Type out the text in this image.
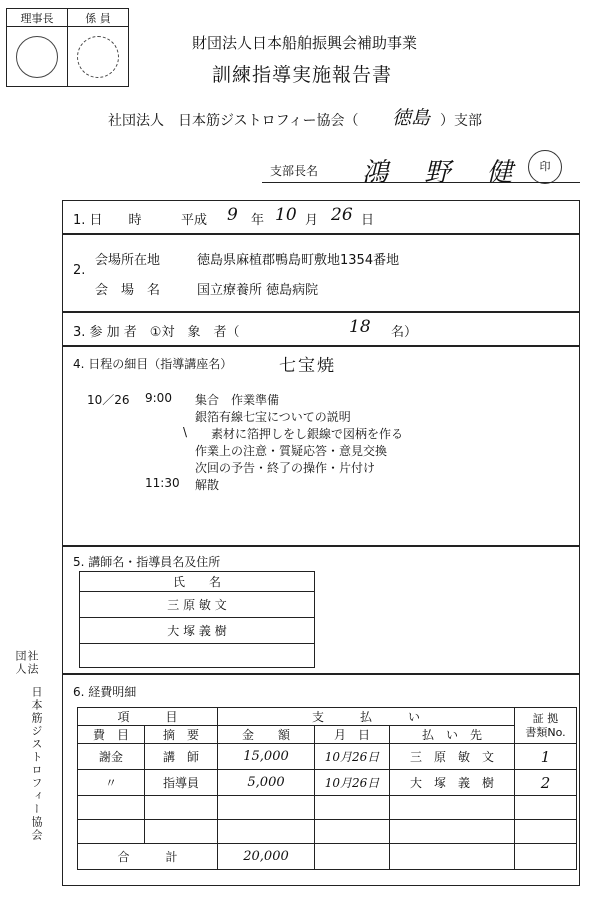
理事長	係 員

財団法人日本船舶振興会補助事業
訓練指導実施報告書
社団法人　日本筋ジストロフィー協会（ 徳島 ）支部
支部長名 鴻 野 健	印
1. 日　　時	平成 9 年 10 月 26 日
2.
会場所在地	徳島県麻植郡鴨島町敷地1354番地
会　場　名	国立療養所 徳島病院
3. 参 加 者　①対　象　者（	18 名）
4. 日程の細目（指導講座名）	七宝焼
10／26	9:00	集合　作業準備
		銀箔有線七宝についての説明
	\	素材に箔押しをし銀線で図柄を作る
		作業上の注意・質疑応答・意見交換
		次回の予告・終了の操作・片付け
	11:30	解散
5. 講師名・指導員名及住所
氏　　名
三 原 敏 文
大 塚 義 樹

6. 経費明細
項　　　目		支　　　払　　　い			証 拠
書類No.
費　目	摘　要	金　　額	月　日	払　い　先	
謝金	講　師	15,000	10月26日	三　原　敏　文	1
〃	指導員	5,000	10月26日	大　塚　義　樹	2

合　　　計		20,000			
社法
団人
日本筋ジストロフィー協会
